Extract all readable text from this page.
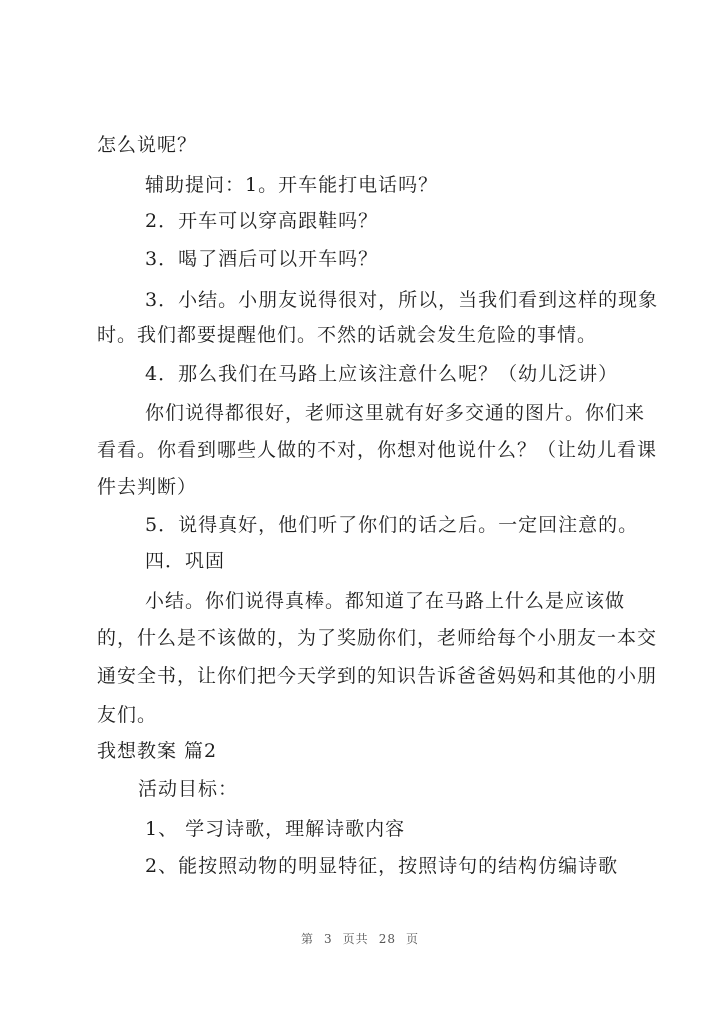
怎么说呢？
辅助提问：1。开车能打电话吗？
2．开车可以穿高跟鞋吗？
3．喝了酒后可以开车吗？
3．小结。小朋友说得很对，所以，当我们看到这样的现象
时。我们都要提醒他们。不然的话就会发生危险的事情。
4．那么我们在马路上应该注意什么呢？（幼儿泛讲）
你们说得都很好，老师这里就有好多交通的图片。你们来
看看。你看到哪些人做的不对，你想对他说什么？（让幼儿看课
件去判断）
5．说得真好，他们听了你们的话之后。一定回注意的。
四．巩固
小结。你们说得真棒。都知道了在马路上什么是应该做
的，什么是不该做的，为了奖励你们，老师给每个小朋友一本交
通安全书，让你们把今天学到的知识告诉爸爸妈妈和其他的小朋
友们。
我想教案 篇2
活动目标：
1、 学习诗歌，理解诗歌内容
2、能按照动物的明显特征，按照诗句的结构仿编诗歌
第 3 页共 28 页
